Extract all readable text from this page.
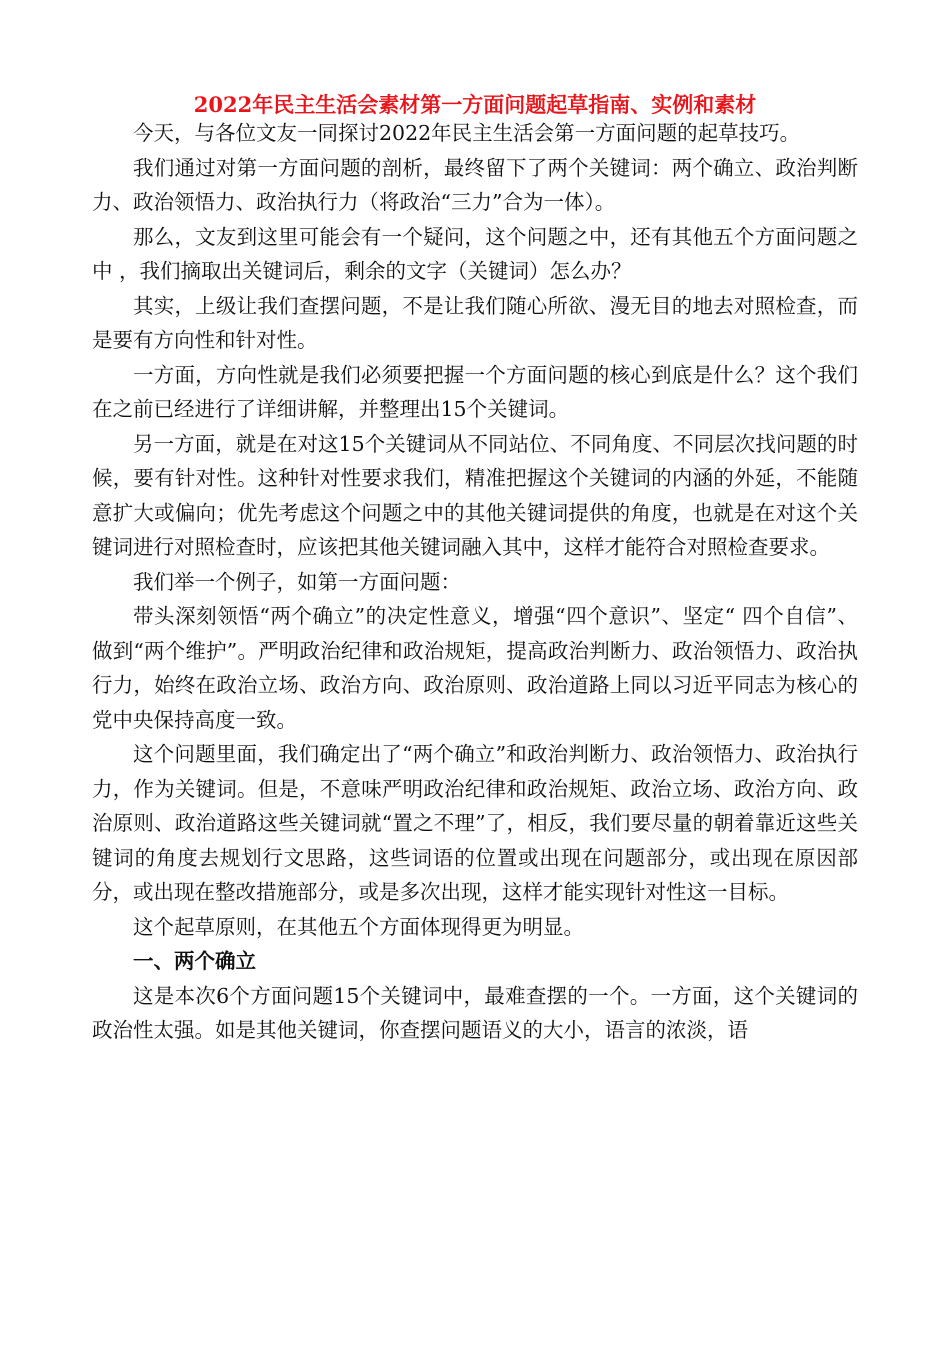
2022年民主生活会素材第一方面问题起草指南、实例和素材

今天，与各位文友一同探讨2022年民主生活会第一方面问题的起草技巧。

我们通过对第一方面问题的剖析，最终留下了两个关键词：两个确立、政治判断力、政治领悟力、政治执行力（将政治“三力”合为一体）。

那么，文友到这里可能会有一个疑问，这个问题之中，还有其他五个方面问题之中 ，我们摘取出关键词后，剩余的文字（关键词）怎么办？

其实，上级让我们查摆问题，不是让我们随心所欲、漫无目的地去对照检查，而是要有方向性和针对性。

一方面，方向性就是我们必须要把握一个方面问题的核心到底是什么？这个我们在之前已经进行了详细讲解，并整理出15个关键词。

另一方面，就是在对这15个关键词从不同站位、不同角度、不同层次找问题的时候，要有针对性。这种针对性要求我们，精准把握这个关键词的内涵的外延，不能随意扩大或偏向；优先考虑这个问题之中的其他关键词提供的角度，也就是在对这个关键词进行对照检查时，应该把其他关键词融入其中，这样才能符合对照检查要求。

我们举一个例子，如第一方面问题：

带头深刻领悟“两个确立”的决定性意义，增强“四个意识”、坚定“ 四个自信”、做到“两个维护”。严明政治纪律和政治规矩，提高政治判断力、政治领悟力、政治执行力，始终在政治立场、政治方向、政治原则、政治道路上同以习近平同志为核心的党中央保持高度一致。

这个问题里面，我们确定出了“两个确立”和政治判断力、政治领悟力、政治执行力，作为关键词。但是，不意味严明政治纪律和政治规矩、政治立场、政治方向、政治原则、政治道路这些关键词就“置之不理”了，相反，我们要尽量的朝着靠近这些关键词的角度去规划行文思路，这些词语的位置或出现在问题部分，或出现在原因部分，或出现在整改措施部分，或是多次出现，这样才能实现针对性这一目标。

这个起草原则，在其他五个方面体现得更为明显。

一、两个确立

这是本次6个方面问题15个关键词中，最难查摆的一个。一方面，这个关键词的政治性太强。如是其他关键词，你查摆问题语义的大小，语言的浓淡，语
